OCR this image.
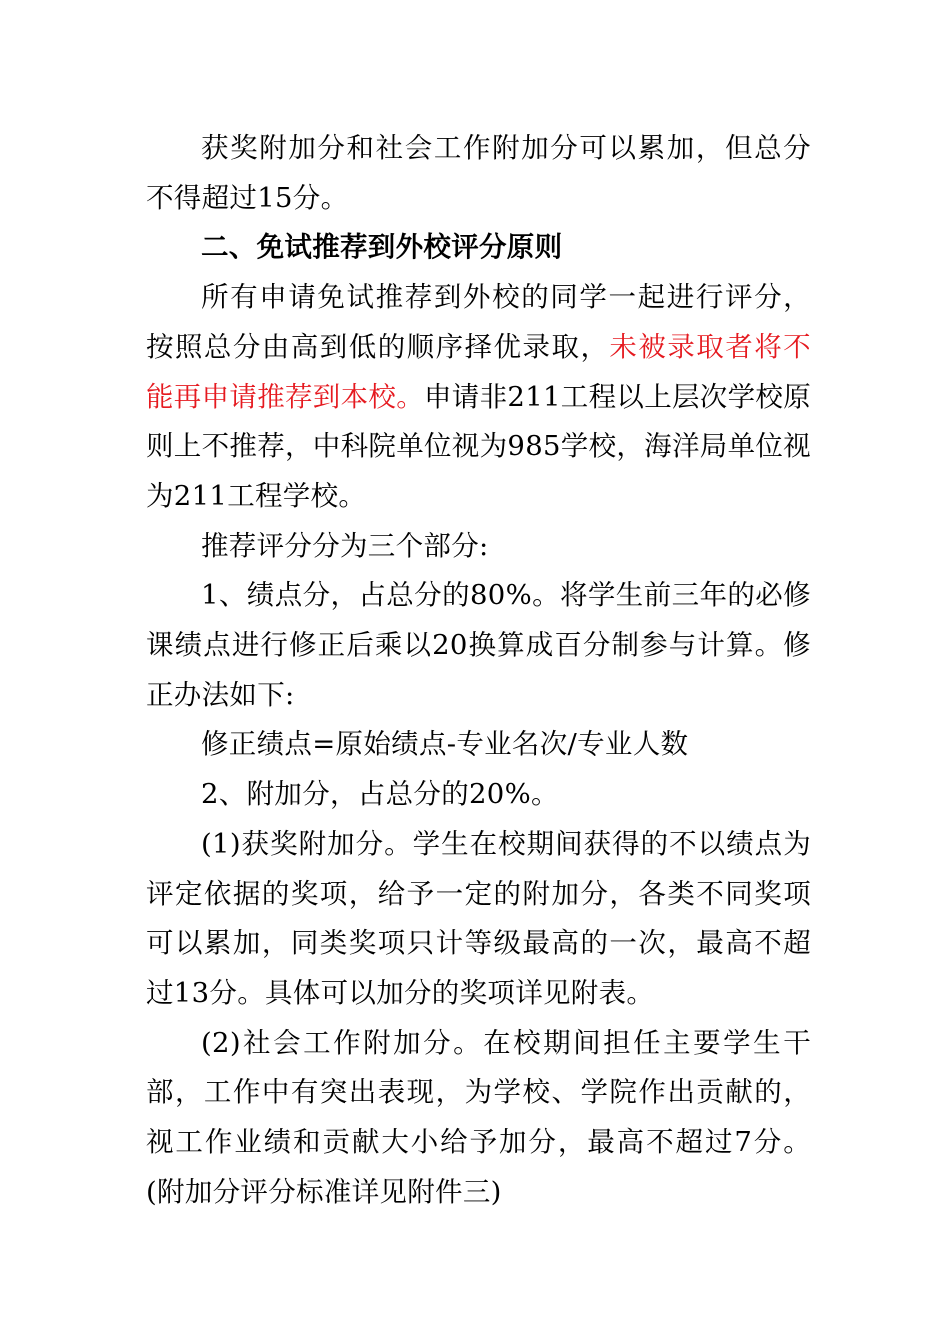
获奖附加分和社会工作附加分可以累加，但总分不得超过15分。

二、免试推荐到外校评分原则

所有申请免试推荐到外校的同学一起进行评分，按照总分由高到低的顺序择优录取，未被录取者将不能再申请推荐到本校。申请非211工程以上层次学校原则上不推荐，中科院单位视为985学校，海洋局单位视为211工程学校。

推荐评分分为三个部分:

1、绩点分，占总分的80%。将学生前三年的必修课绩点进行修正后乘以20换算成百分制参与计算。修正办法如下:

修正绩点=原始绩点-专业名次/专业人数

2、附加分，占总分的20%。

(1)获奖附加分。学生在校期间获得的不以绩点为评定依据的奖项，给予一定的附加分，各类不同奖项可以累加，同类奖项只计等级最高的一次，最高不超过13分。具体可以加分的奖项详见附表。

(2)社会工作附加分。在校期间担任主要学生干部，工作中有突出表现，为学校、学院作出贡献的，视工作业绩和贡献大小给予加分，最高不超过7分。(附加分评分标准详见附件三)
